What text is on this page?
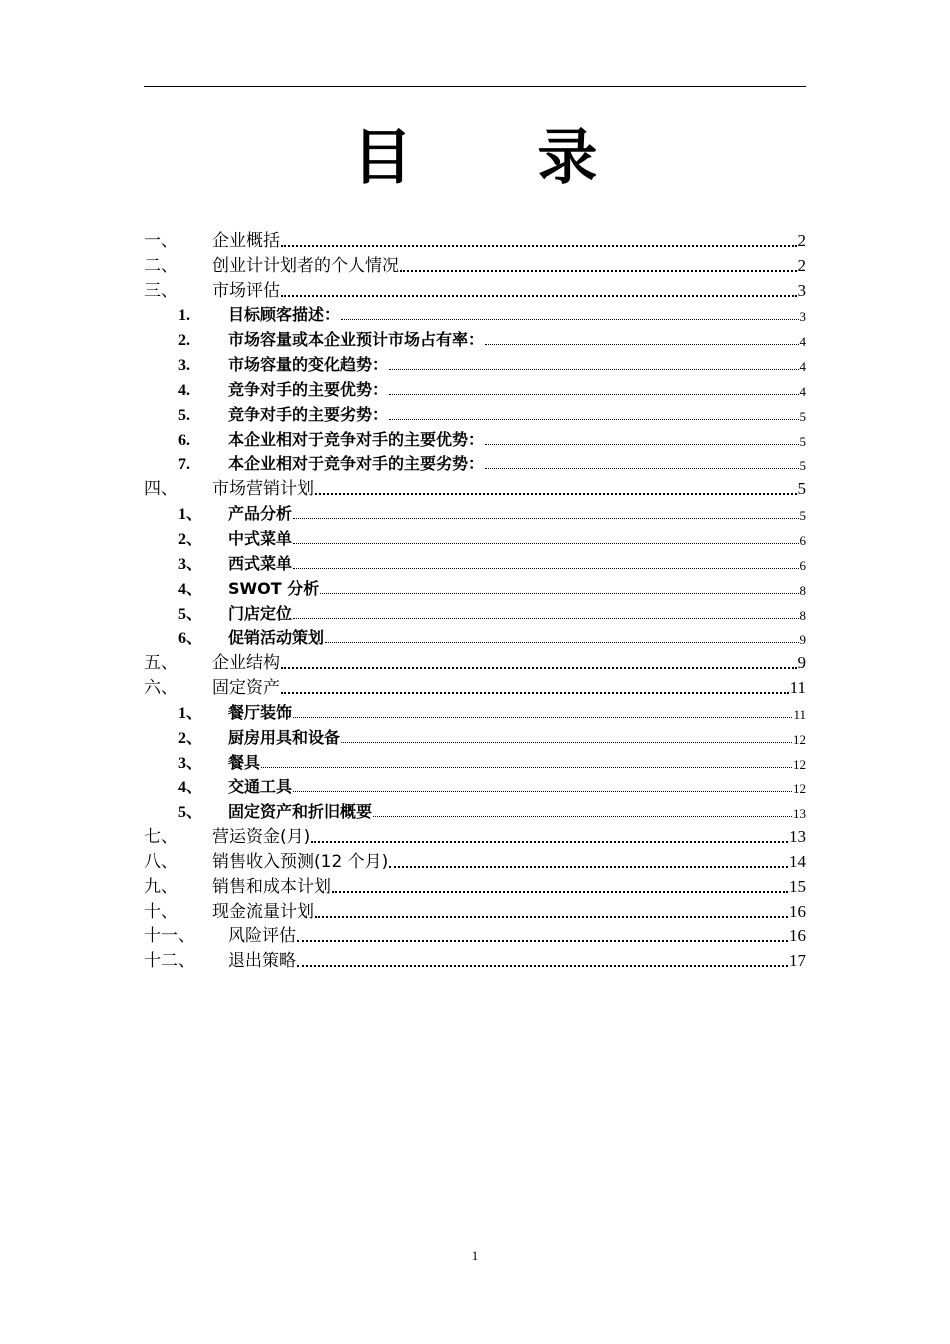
目 录
一、	企业概括	2
二、	创业计计划者的个人情况	2
三、	市场评估	3
1.	目标顾客描述：	3
2.	市场容量或本企业预计市场占有率：	4
3.	市场容量的变化趋势：	4
4.	竞争对手的主要优势：	4
5.	竞争对手的主要劣势：	5
6.	本企业相对于竞争对手的主要优势：	5
7.	本企业相对于竞争对手的主要劣势：	5
四、	市场营销计划	5
1、	产品分析	5
2、	中式菜单	6
3、	西式菜单	6
4、	SWOT 分析	8
5、	门店定位	8
6、	促销活动策划	9
五、	企业结构	9
六、	固定资产	11
1、	餐厅装饰	11
2、	厨房用具和设备	12
3、	餐具	12
4、	交通工具	12
5、	固定资产和折旧概要	13
七、	营运资金(月)	13
八、	销售收入预测(12 个月)	14
九、	销售和成本计划	15
十、	现金流量计划	16
十一、	风险评估	16
十二、	退出策略	17
1
